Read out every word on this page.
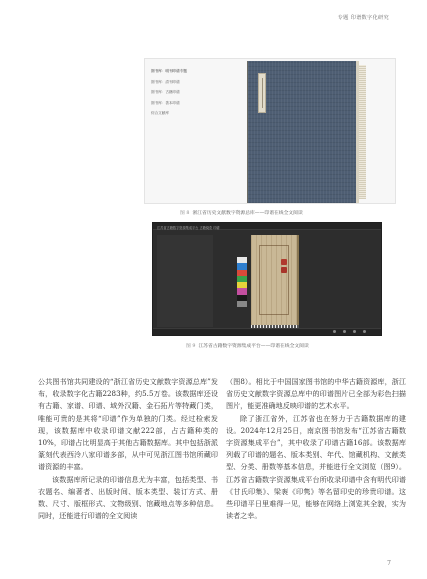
专题 印谱数字化研究
图书库：明刊印谱专题
图书库：清刊印谱
图书库：古籍印谱
图书库：善本印谱
综合文献库
图 8 浙江省历史文献数字资源总库——印谱在线全文阅读
江苏省古籍数字资源集成平台 古籍阅览 印谱
图 9 江苏省古籍数字资源集成平台——印谱在线全文阅读

公共图书馆共同建设的“浙江省历史文献数字资源总库”发布，收录数字化古籍2283种，约5.5万卷。该数据库还设有古籍、家谱、印谱、域外汉籍、金石拓片等特藏门类，唯能可贵的是其将“印谱”作为单独的门类。经过检索发现，该数据库中收录印谱文献222部，占古籍种类的10%，印谱占比明显高于其他古籍数据库。其中包括浙派篆刻代表西泠八家印谱多部，从中可见浙江图书馆所藏印谱资源的丰富。

该数据库所记录的印谱信息尤为丰富，包括类型、书衣题名、编著者、出版时间、版本类型、装订方式、册数、尺寸、版框形式、文物级别、馆藏地点等多种信息。同时，还能进行印谱的全文阅读

（图8）。相比于中国国家图书馆的中华古籍资源库，浙江省历史文献数字资源总库中的印谱图片已全部为彩色扫描图片，能更准确地反映印谱的艺术水平。

除了浙江省外，江苏省也在努力于古籍数据库的建设。2024年12月25日，南京图书馆发布“江苏省古籍数字资源集成平台”，其中收录了印谱古籍16部。该数据库列载了印谱的题名、版本类别、年代、馆藏机构、文献类型、分类、册数等基本信息，并能进行全文浏览（图9）。江苏省古籍数字资源集成平台所收录印谱中含有明代印谱《甘氏印集》、梁袠《印隽》等名留印史的珍贵印谱。这些印谱平日里难得一见，能够在网络上浏览其全貌，实为读者之幸。

7
